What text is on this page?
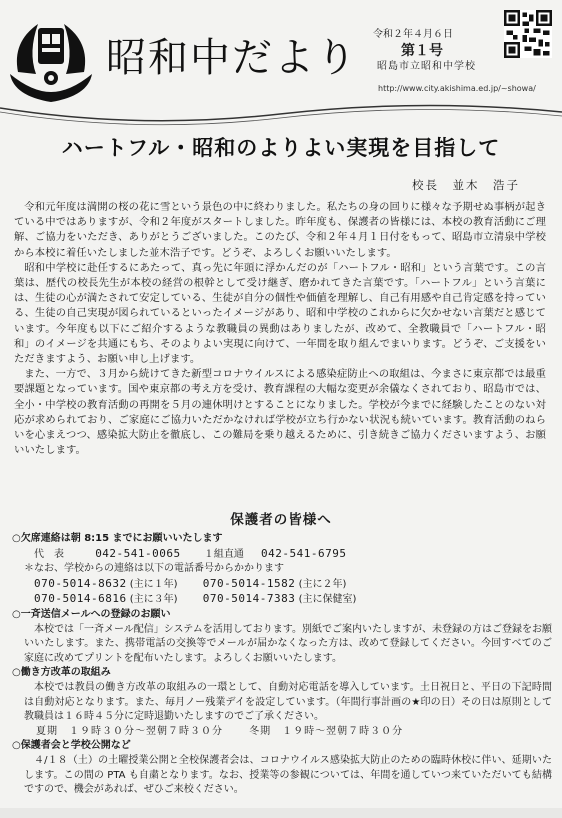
昭和中だより
令和２年４月６日
第１号
昭島市立昭和中学校
http://www.city.akishima.ed.jp/~showa/
ハートフル・昭和のよりよい実現を目指して
校長　並木　浩子

令和元年度は満開の桜の花に雪という景色の中に終わりました。私たちの身の回りに様々な予期せぬ事柄が起きている中ではありますが、令和２年度がスタートしました。昨年度も、保護者の皆様には、本校の教育活動にご理解、ご協力をいただき、ありがとうございました。このたび、令和２年４月１日付をもって、昭島市立清泉中学校から本校に着任いたしました並木浩子です。どうぞ、よろしくお願いいたします。

昭和中学校に赴任するにあたって、真っ先に年頭に浮かんだのが「ハートフル・昭和」という言葉です。この言葉は、歴代の校長先生が本校の経営の根幹として受け継ぎ、磨かれてきた言葉です。「ハートフル」という言葉には、生徒の心が満たされて安定している、生徒が自分の個性や価値を理解し、自己有用感や自己肯定感を持っている、生徒の自己実現が図られているといったイメージがあり、昭和中学校のこれからに欠かせない言葉だと感じています。今年度も以下にご紹介するような教職員の異動はありましたが、改めて、全教職員で「ハートフル・昭和」のイメージを共通にもち、そのよりよい実現に向けて、一年間を取り組んでまいります。どうぞ、ご支援をいただきますよう、お願い申し上げます。

また、一方で、３月から続けてきた新型コロナウイルスによる感染症防止への取組は、今まさに東京都では最重要課題となっています。国や東京都の考え方を受け、教育課程の大幅な変更が余儀なくされており、昭島市では、全小・中学校の教育活動の再開を５月の連休明けとすることになりました。学校が今までに経験したことのない対応が求められており、ご家庭にご協力いただかなければ学校が立ち行かない状況も続いています。教育活動のねらいを心まえつつ、感染拡大防止を徹底し、この難局を乗り越えるために、引き続きご協力くださいますよう、お願いいたします。

保護者の皆様へ
○欠席連絡は朝 8:15 までにお願いいたします
代　表	042-541-0065 １組直通 042-541-6795
＊なお、学校からの連絡は以下の電話番号からかかります
070-5014-8632 (主に１年) 070-5014-1582 (主に２年)
070-5014-6816 (主に３年) 070-5014-7383 (主に保健室)
○一斉送信メールへの登録のお願い
本校では「一斉メール配信」システムを活用しております。別紙でご案内いたしますが、未登録の方はご登録をお願いいたします。また、携帯電話の交換等でメールが届かなくなった方は、改めて登録してください。今回すべてのご家庭に改めてプリントを配布いたします。よろしくお願いいたします。
○働き方改革の取組み
本校では教員の働き方改革の取組みの一環として、自動対応電話を導入しています。土日祝日と、平日の下記時間は自動対応となります。また、毎月ノー残業デイを設定しています。（年間行事計画の★印の日）その日は原則として教職員は１６時４５分に定時退勤いたしますのでご了承ください。
夏期　１９時３０分～翌朝７時３０分	冬期　１９時～翌朝７時３０分
○保護者会と学校公開など
４/１８（土）の土曜授業公開と全校保護者会は、コロナウイルス感染拡大防止のための臨時休校に伴い、延期いたします。この間の PTA も自粛となります。なお、授業等の参観については、年間を通していつ来ていただいても結構ですので、機会があれば、ぜひご来校ください。
